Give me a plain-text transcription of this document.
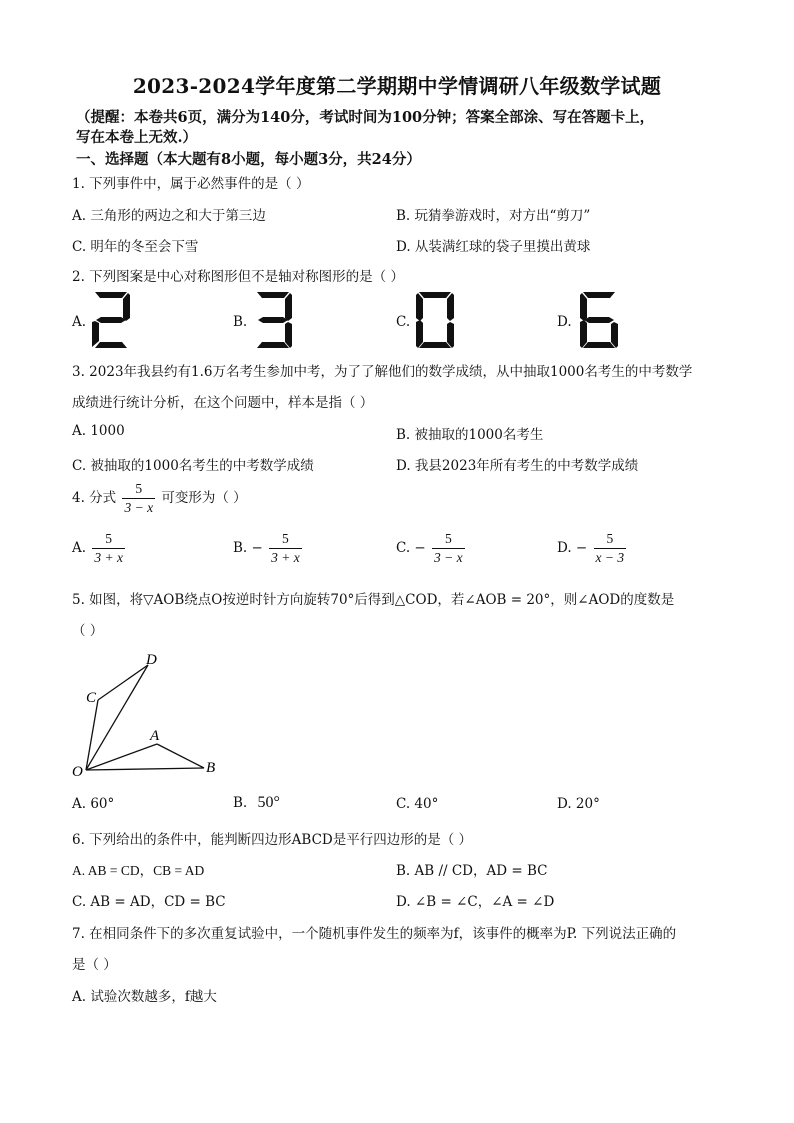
2023-2024学年度第二学期期中学情调研八年级数学试题
（提醒：本卷共6页，满分为140分，考试时间为100分钟；答案全部涂、写在答题卡上，
写在本卷上无效.）
一、选择题（本大题有8小题，每小题3分，共24分）
1. 下列事件中，属于必然事件的是（ ）
A. 三角形的两边之和大于第三边	B. 玩猜拳游戏时，对方出“剪刀”
C. 明年的冬至会下雪	D. 从装满红球的袋子里摸出黄球
2. 下列图案是中心对称图形但不是轴对称图形的是（ ）
A.	B.	C.	D.
3. 2023年我县约有1.6万名考生参加中考，为了了解他们的数学成绩，从中抽取1000名考生的中考数学
成绩进行统计分析，在这个问题中，样本是指（ ）
A. 1000	B. 被抽取的1000名考生
C. 被抽取的1000名考生的中考数学成绩	D. 我县2023年所有考生的中考数学成绩
4. 分式 $\frac{5}{3 - x}$ 可变形为（ ）
A. $\frac{5}{3 + x}$	B. − $\frac{5}{3 + x}$	C. − $\frac{5}{3 - x}$	D. − $\frac{5}{x - 3}$
5. 如图，将▽AOB绕点O按逆时针方向旋转70°后得到△COD，若∠AOB = 20°，则∠AOD的度数是
（ ）
D
C
A
O	B
A. 60°	B. 50°	C. 40°	D. 20°
6. 下列给出的条件中，能判断四边形ABCD是平行四边形的是（ ）
A. AB = CD，CB = AD	B. AB // CD，AD = BC
C. AB = AD，CD = BC	D. ∠B = ∠C，∠A = ∠D
7. 在相同条件下的多次重复试验中，一个随机事件发生的频率为f，该事件的概率为P. 下列说法正确的
是（ ）
A. 试验次数越多，f越大
